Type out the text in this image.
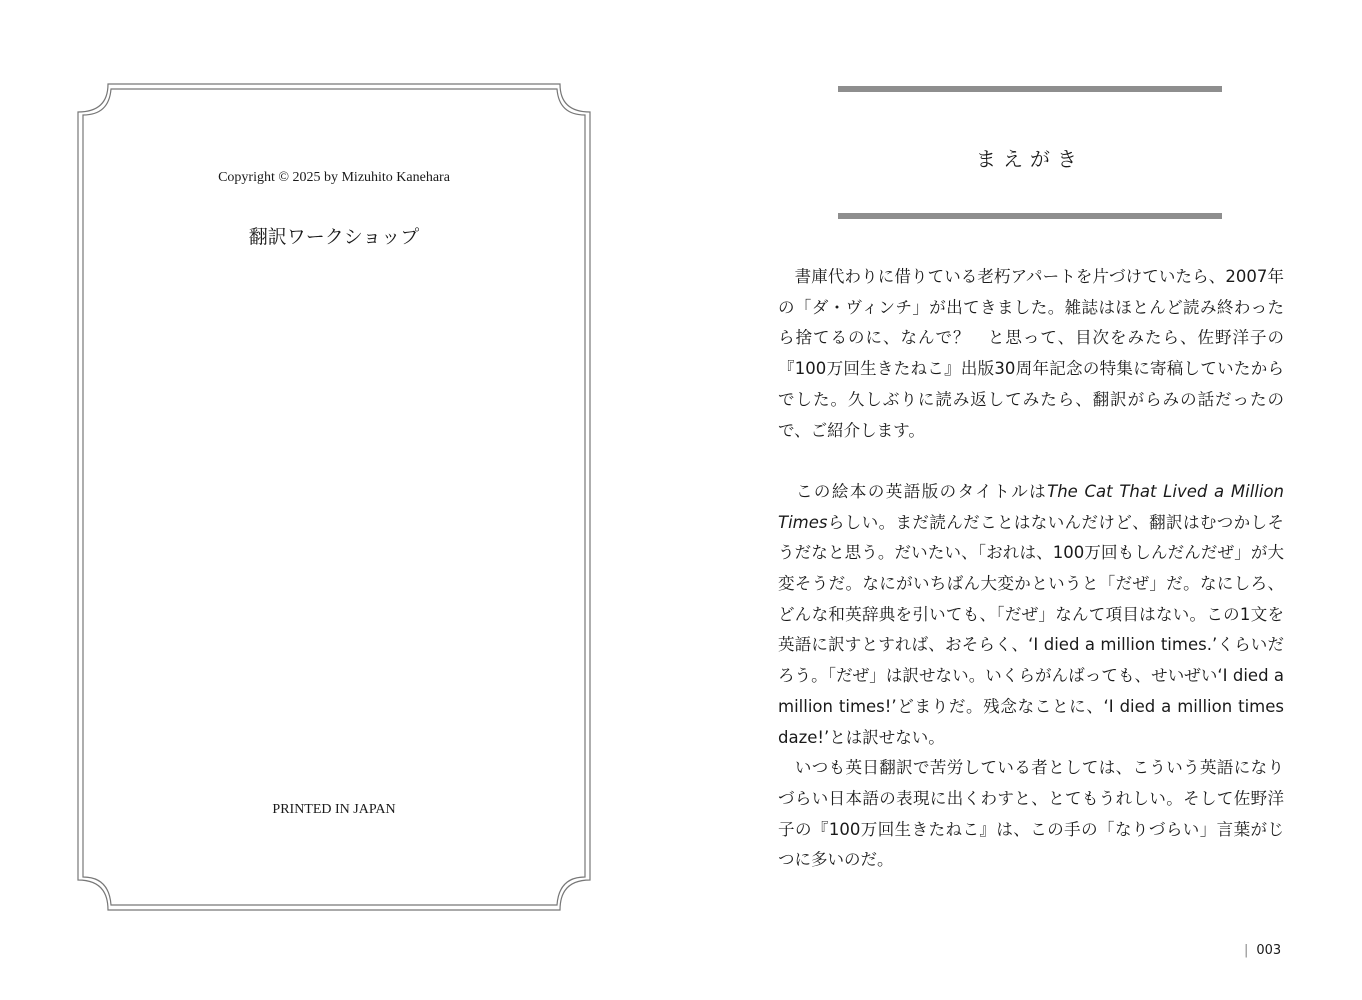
Copyright © 2025 by Mizuhito Kanehara
翻訳ワークショップ
PRINTED IN JAPAN
まえがき

　書庫代わりに借りている老朽アパートを片づけていたら、2007年の「ダ・ヴィンチ」が出てきました。雑誌はほとんど読み終わったら捨てるのに、なんで？　と思って、目次をみたら、佐野洋子の『100万回生きたねこ』出版30周年記念の特集に寄稿していたからでした。久しぶりに読み返してみたら、翻訳がらみの話だったので、ご紹介します。

　この絵本の英語版のタイトルはThe Cat That Lived a Million Timesらしい。まだ読んだことはないんだけど、翻訳はむつかしそうだなと思う。だいたい、「おれは、100万回もしんだんだぜ」が大変そうだ。なにがいちばん大変かというと「だぜ」だ。なにしろ、どんな和英辞典を引いても、「だぜ」なんて項目はない。この1文を英語に訳すとすれば、おそらく、‘I died a million times.’くらいだろう。「だぜ」は訳せない。いくらがんばっても、せいぜい‘I died a million times!’どまりだ。残念なことに、‘I died a million times daze!’とは訳せない。

　いつも英日翻訳で苦労している者としては、こういう英語になりづらい日本語の表現に出くわすと、とてもうれしい。そして佐野洋子の『100万回生きたねこ』は、この手の「なりづらい」言葉がじつに多いのだ。

| 003
